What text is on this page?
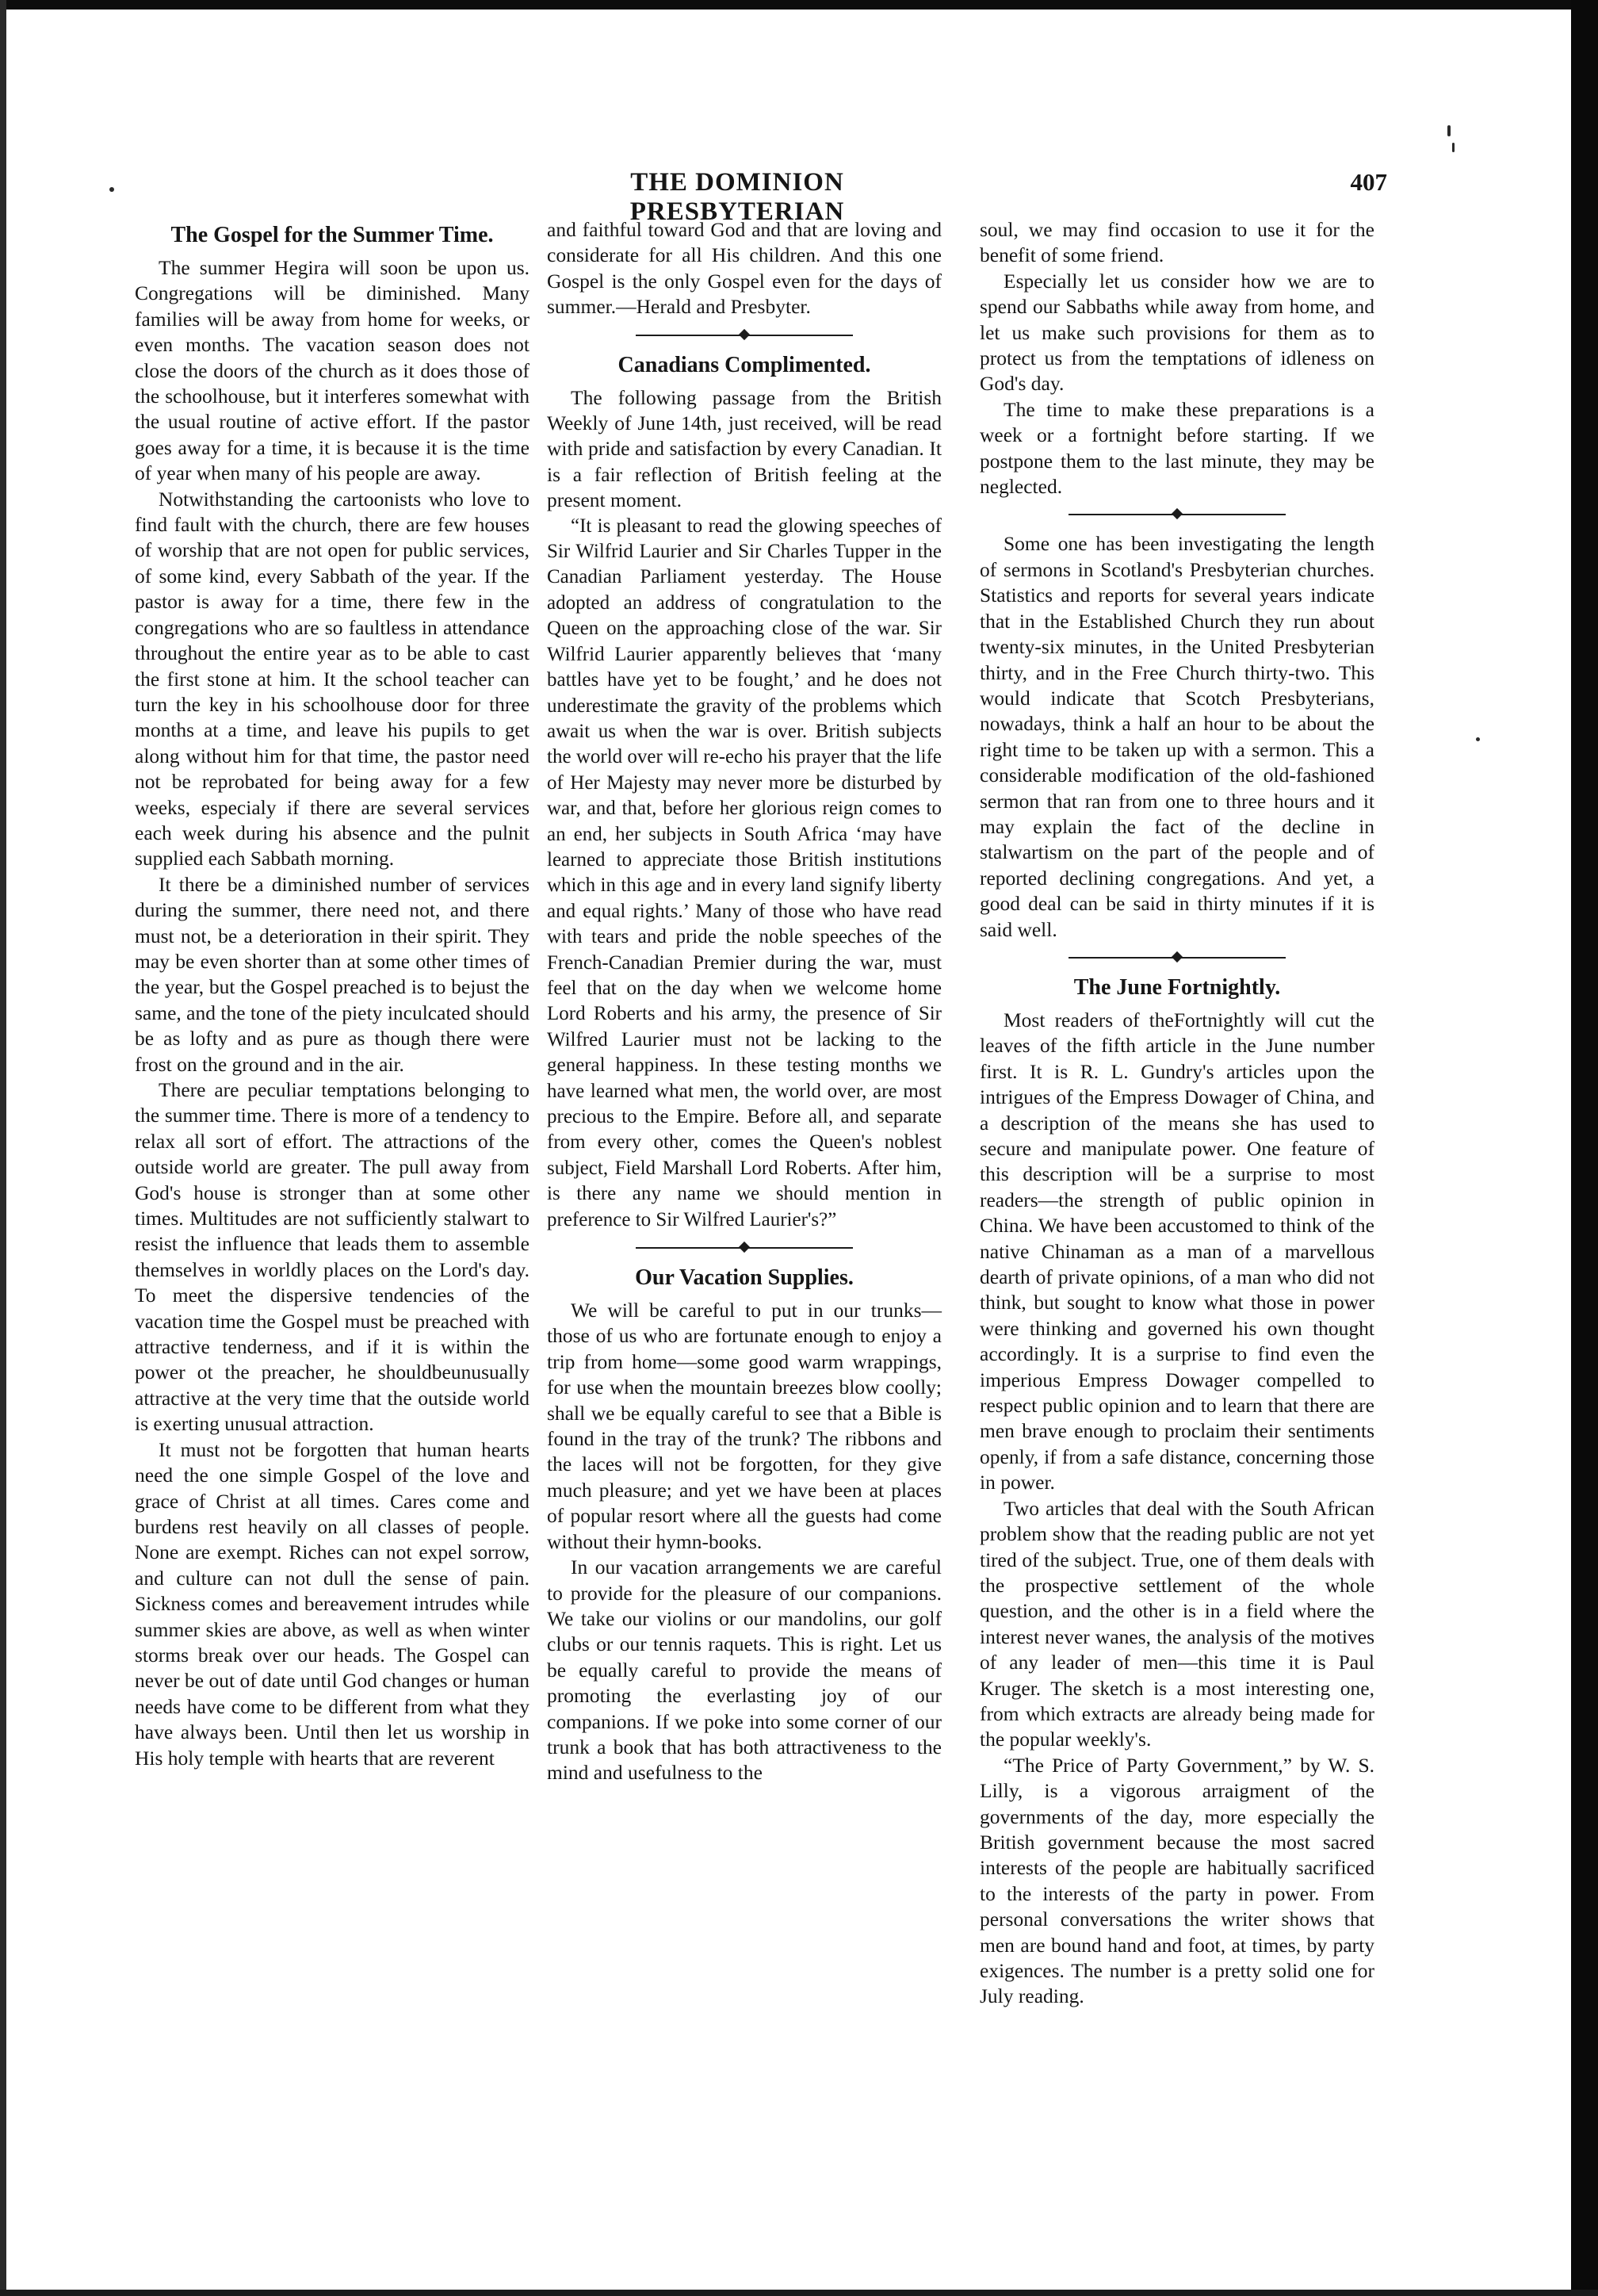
THE DOMINION PRESBYTERIAN
407
The Gospel for the Summer Time.

The summer Hegira will soon be upon us. Congregations will be diminished. Many families will be away from home for weeks, or even months. The vacation season does not close the doors of the church as it does those of the schoolhouse, but it interferes somewhat with the usual routine of active effort. If the pastor goes away for a time, it is because it is the time of year when many of his people are away.

Notwithstanding the cartoonists who love to find fault with the church, there are few houses of worship that are not open for public services, of some kind, every Sabbath of the year. If the pastor is away for a time, there few in the congregations who are so faultless in attendance throughout the entire year as to be able to cast the first stone at him. It the school teacher can turn the key in his schoolhouse door for three months at a time, and leave his pupils to get along without him for that time, the pastor need not be reprobated for being away for a few weeks, especialy if there are several services each week during his absence and the pulnit supplied each Sabbath morning.

It there be a diminished number of services during the summer, there need not, and there must not, be a deterioration in their spirit. They may be even shorter than at some other times of the year, but the Gospel preached is to bejust the same, and the tone of the piety inculcated should be as lofty and as pure as though there were frost on the ground and in the air.

There are peculiar temptations belonging to the summer time. There is more of a tendency to relax all sort of effort. The attractions of the outside world are greater. The pull away from God's house is stronger than at some other times. Multitudes are not sufficiently stalwart to resist the influence that leads them to assemble themselves in worldly places on the Lord's day. To meet the dispersive tendencies of the vacation time the Gospel must be preached with attractive tenderness, and if it is within the power ot the preacher, he shouldbeunusually attractive at the very time that the outside world is exerting unusual attraction.

It must not be forgotten that human hearts need the one simple Gospel of the love and grace of Christ at all times. Cares come and burdens rest heavily on all classes of people. None are exempt. Riches can not expel sorrow, and culture can not dull the sense of pain. Sickness comes and bereavement intrudes while summer skies are above, as well as when winter storms break over our heads. The Gospel can never be out of date until God changes or human needs have come to be different from what they have always been. Until then let us worship in His holy temple with hearts that are reverent

and faithful toward God and that are loving and considerate for all His children. And this one Gospel is the only Gospel even for the days of summer.—Herald and Presbyter.

Canadians Complimented.

The following passage from the British Weekly of June 14th, just received, will be read with pride and satisfaction by every Canadian. It is a fair reflection of British feeling at the present moment.

“It is pleasant to read the glowing speeches of Sir Wilfrid Laurier and Sir Charles Tupper in the Canadian Parliament yesterday. The House adopted an address of congratulation to the Queen on the approaching close of the war. Sir Wilfrid Laurier apparently believes that ‘many battles have yet to be fought,’ and he does not underestimate the gravity of the problems which await us when the war is over. British subjects the world over will re-echo his prayer that the life of Her Majesty may never more be disturbed by war, and that, before her glorious reign comes to an end, her subjects in South Africa ‘may have learned to appreciate those British institutions which in this age and in every land signify liberty and equal rights.’ Many of those who have read with tears and pride the noble speeches of the French-Canadian Premier during the war, must feel that on the day when we welcome home Lord Roberts and his army, the presence of Sir Wilfred Laurier must not be lacking to the general happiness. In these testing months we have learned what men, the world over, are most precious to the Empire. Before all, and separate from every other, comes the Queen's noblest subject, Field Marshall Lord Roberts. After him, is there any name we should mention in preference to Sir Wilfred Laurier's?”

Our Vacation Supplies.

We will be careful to put in our trunks—those of us who are fortunate enough to enjoy a trip from home—some good warm wrappings, for use when the mountain breezes blow coolly; shall we be equally careful to see that a Bible is found in the tray of the trunk? The ribbons and the laces will not be forgotten, for they give much pleasure; and yet we have been at places of popular resort where all the guests had come without their hymn-books.

In our vacation arrangements we are careful to provide for the pleasure of our companions. We take our violins or our mandolins, our golf clubs or our tennis raquets. This is right. Let us be equally careful to provide the means of promoting the everlasting joy of our companions. If we poke into some corner of our trunk a book that has both attractiveness to the mind and usefulness to the

soul, we may find occasion to use it for the benefit of some friend.

Especially let us consider how we are to spend our Sabbaths while away from home, and let us make such provisions for them as to protect us from the temptations of idleness on God's day.

The time to make these preparations is a week or a fortnight before starting. If we postpone them to the last minute, they may be neglected.

Some one has been investigating the length of sermons in Scotland's Presbyterian churches. Statistics and reports for several years indicate that in the Established Church they run about twenty-six minutes, in the United Presbyterian thirty, and in the Free Church thirty-two. This would indicate that Scotch Presbyterians, nowadays, think a half an hour to be about the right time to be taken up with a sermon. This a considerable modification of the old-fashioned sermon that ran from one to three hours and it may explain the fact of the decline in stalwartism on the part of the people and of reported declining congregations. And yet, a good deal can be said in thirty minutes if it is said well.

The June Fortnightly.

Most readers of theFortnightly will cut the leaves of the fifth article in the June number first. It is R. L. Gundry's articles upon the intrigues of the Empress Dowager of China, and a description of the means she has used to secure and manipulate power. One feature of this description will be a surprise to most readers—the strength of public opinion in China. We have been accustomed to think of the native Chinaman as a man of a marvellous dearth of private opinions, of a man who did not think, but sought to know what those in power were thinking and governed his own thought accordingly. It is a surprise to find even the imperious Empress Dowager compelled to respect public opinion and to learn that there are men brave enough to proclaim their sentiments openly, if from a safe distance, concerning those in power.

Two articles that deal with the South African problem show that the reading public are not yet tired of the subject. True, one of them deals with the prospective settlement of the whole question, and the other is in a field where the interest never wanes, the analysis of the motives of any leader of men—this time it is Paul Kruger. The sketch is a most interesting one, from which extracts are already being made for the popular weekly's.

“The Price of Party Government,” by W. S. Lilly, is a vigorous arraigment of the governments of the day, more especially the British government because the most sacred interests of the people are habitually sacrificed to the interests of the party in power. From personal conversations the writer shows that men are bound hand and foot, at times, by party exigences. The number is a pretty solid one for July reading.
